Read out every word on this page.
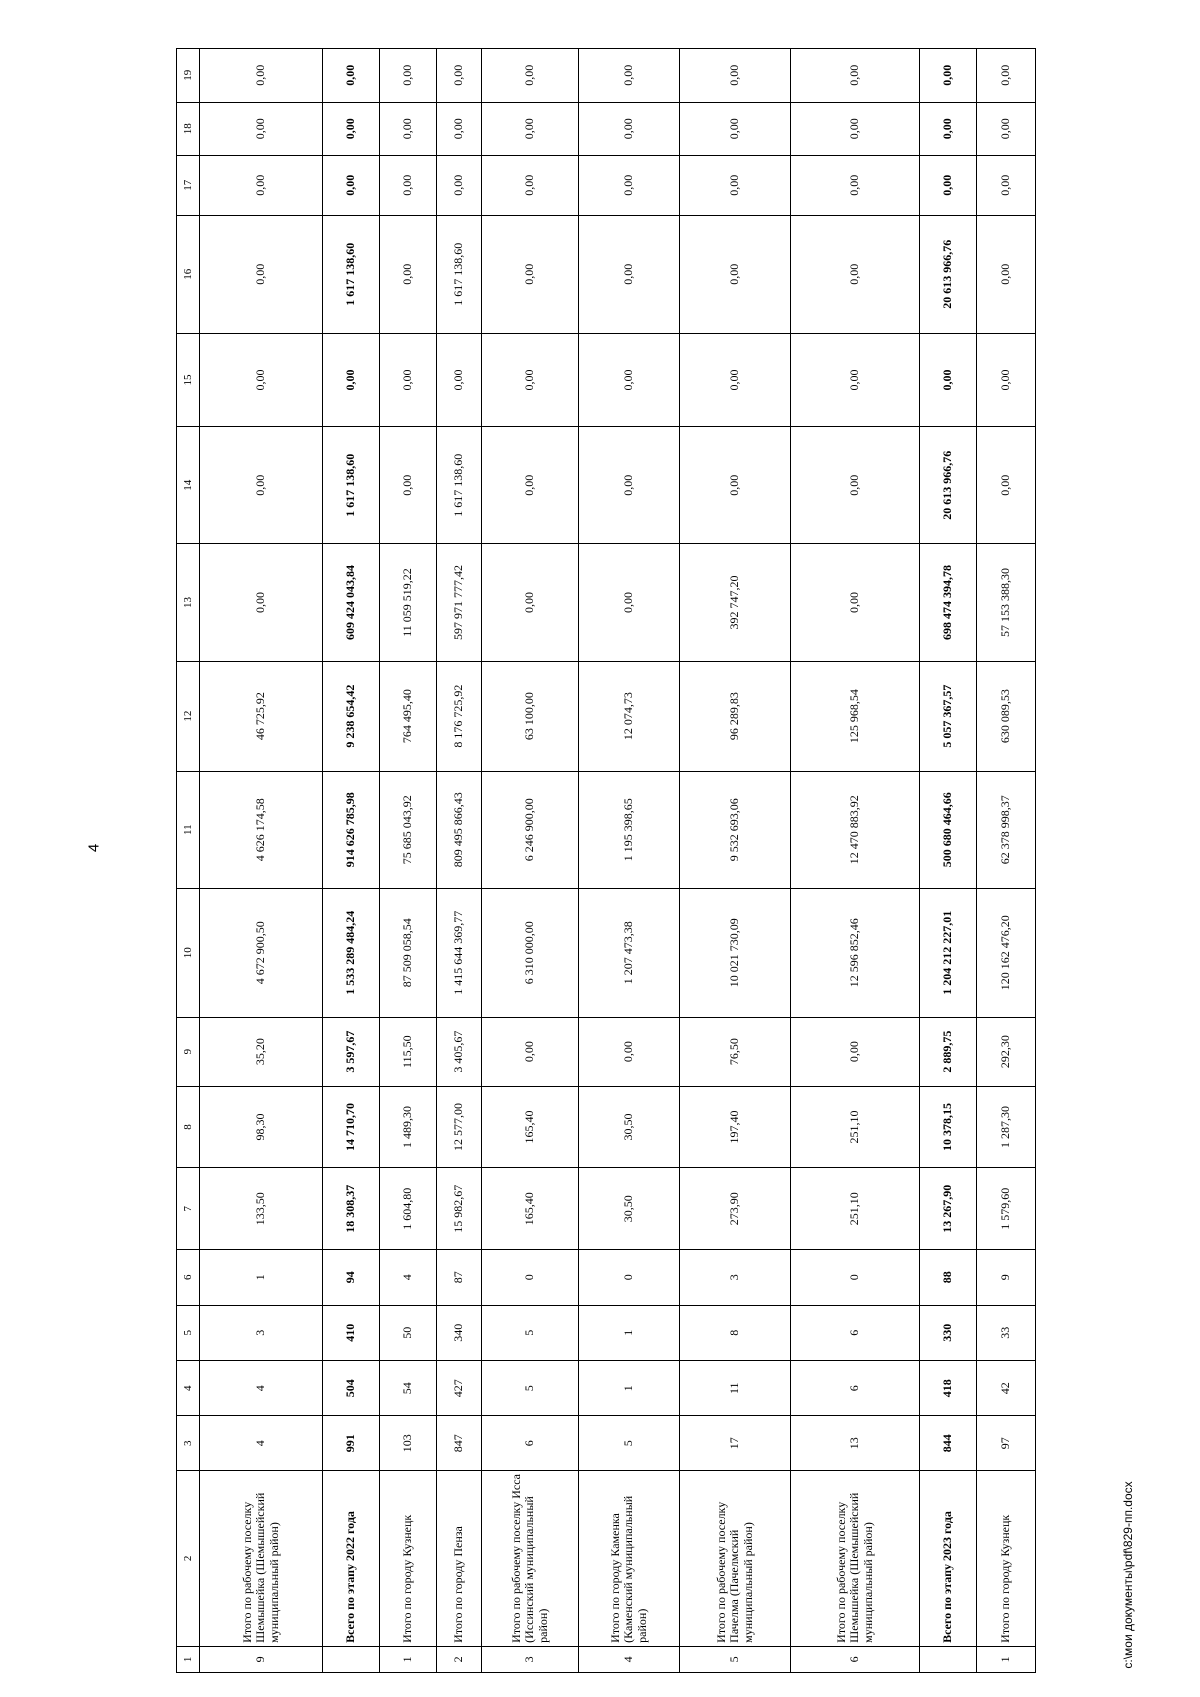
4
1	2	3	4	5	6	7	8	9	10	11	12	13	14	15	16	17	18	19
9	Итого по рабочему поселку Шемышейка (Шемышейский муниципальный район)	4	4	3	1	133,50	98,30	35,20	4 672 900,50	4 626 174,58	46 725,92	0,00	0,00	0,00	0,00	0,00	0,00	0,00
	Всего по этапу 2022 года	991	504	410	94	18 308,37	14 710,70	3 597,67	1 533 289 484,24	914 626 785,98	9 238 654,42	609 424 043,84	1 617 138,60	0,00	1 617 138,60	0,00	0,00	0,00
1	Итого по городу Кузнецк	103	54	50	4	1 604,80	1 489,30	115,50	87 509 058,54	75 685 043,92	764 495,40	11 059 519,22	0,00	0,00	0,00	0,00	0,00	0,00
2	Итого по городу Пенза	847	427	340	87	15 982,67	12 577,00	3 405,67	1 415 644 369,77	809 495 866,43	8 176 725,92	597 971 777,42	1 617 138,60	0,00	1 617 138,60	0,00	0,00	0,00
3	Итого по рабочему поселку Исса (Иссинский муниципальный район)	6	5	5	0	165,40	165,40	0,00	6 310 000,00	6 246 900,00	63 100,00	0,00	0,00	0,00	0,00	0,00	0,00	0,00
4	Итого по городу Каменка (Каменский муниципальный район)	5	1	1	0	30,50	30,50	0,00	1 207 473,38	1 195 398,65	12 074,73	0,00	0,00	0,00	0,00	0,00	0,00	0,00
5	Итого по рабочему поселку Пачелма (Пачелмский муниципальный район)	17	11	8	3	273,90	197,40	76,50	10 021 730,09	9 532 693,06	96 289,83	392 747,20	0,00	0,00	0,00	0,00	0,00	0,00
6	Итого по рабочему поселку Шемышейка (Шемышейский муниципальный район)	13	6	6	0	251,10	251,10	0,00	12 596 852,46	12 470 883,92	125 968,54	0,00	0,00	0,00	0,00	0,00	0,00	0,00
	Всего по этапу 2023 года	844	418	330	88	13 267,90	10 378,15	2 889,75	1 204 212 227,01	500 680 464,66	5 057 367,57	698 474 394,78	20 613 966,76	0,00	20 613 966,76	0,00	0,00	0,00
1	Итого по городу Кузнецк	97	42	33	9	1 579,60	1 287,30	292,30	120 162 476,20	62 378 998,37	630 089,53	57 153 388,30	0,00	0,00	0,00	0,00	0,00	0,00
c:\мои документы\pdf\829-пп.docx
